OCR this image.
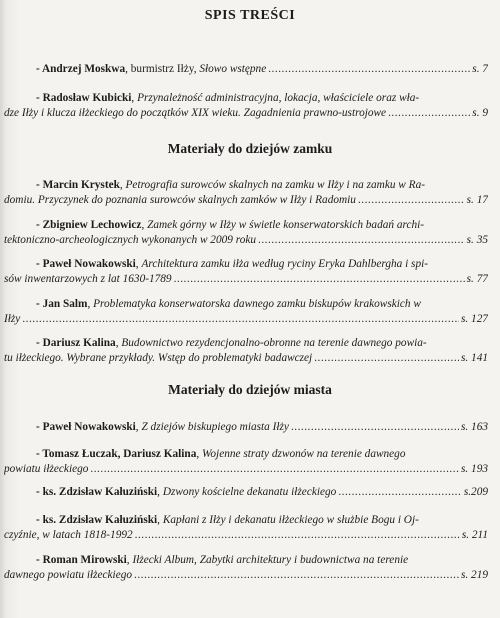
SPIS TREŚCI
- Andrzej Moskwa , burmistrz Iłży,
Słowo wstępne .....	s. 7
- Radosław Kubicki , Przynależność administracyjna, lokacja, właściciele oraz wła-
dze Iłży i klucza iłżeckiego do początków XIX wieku. Zagadnienia prawno-ustrojowe .....	s. 9
Materiały do dziejów zamku
- Marcin Krystek , Petrografia surowców skalnych na zamku w Iłży i na zamku w Ra-
domiu. Przyczynek do poznania surowców skalnych zamków w Iłży i Radomiu .....	s. 17
- Zbigniew Lechowicz , Zamek górny w Iłży w świetle konserwatorskich badań archi-
tektoniczno-archeologicznych wykonanych w 2009 roku .....	s. 35
- Paweł Nowakowski , Architektura zamku iłża według ryciny Eryka Dahlbergha i spi-
sów inwentarzowych z lat 1630-1789 .....	s. 77
- Jan Salm , Problematyka konserwatorska dawnego zamku biskupów krakowskich w
Iłży .....	s. 127
- Dariusz Kalina , Budownictwo rezydencjonalno-obronne na terenie dawnego powia-
tu iłżeckiego. Wybrane przykłady. Wstęp do problematyki badawczej .....	s. 141
Materiały do dziejów miasta
- Paweł Nowakowski , Z dziejów biskupiego miasta Iłży .....	s. 163
- Tomasz Łuczak, Dariusz Kalina , Wojenne straty dzwonów na terenie dawnego
powiatu iłżeckiego .....	s. 193
- ks. Zdzisław Kałuziński , Dzwony kościelne dekanatu iłżeckiego .....	s.209
- ks. Zdzisław Kałuziński , Kapłani z Iłży i dekanatu iłżeckiego w służbie Bogu i Oj-
czyźnie, w latach 1818-1992 .....	s. 211
- Roman Mirowski , Iłżecki Album, Zabytki architektury i budownictwa na terenie
dawnego powiatu iłżeckiego .....	s. 219
